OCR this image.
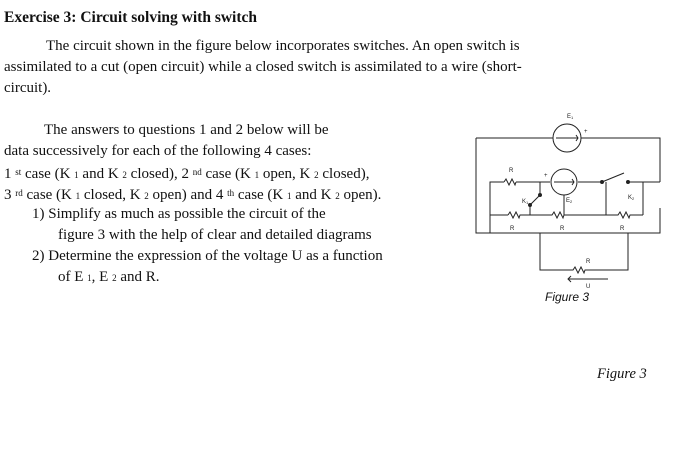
Exercise 3: Circuit solving with switch
The circuit shown in the figure below incorporates switches. An open switch is
assimilated to a cut (open circuit) while a closed switch is assimilated to a wire (short-
circuit).
The answers to questions 1 and 2 below will be
data successively for each of the following 4 cases:
1 $^{st}$ case (K 1 and K 2 closed), 2 $^{nd}$ case (K 1 open, K 2 closed),
3 $^{rd}$ case (K 1 closed, K 2 open) and 4 $^{th}$ case (K 1 and K 2 open).
1) Simplify as much as possible the circuit of the
figure 3 with the help of clear and detailed diagrams
2) Determine the expression of the voltage U as a function
of E 1, E 2 and R.
E1
+
+
E2
K1
K2
R
R	R	R
R
U
Figure 3
Figure 3
